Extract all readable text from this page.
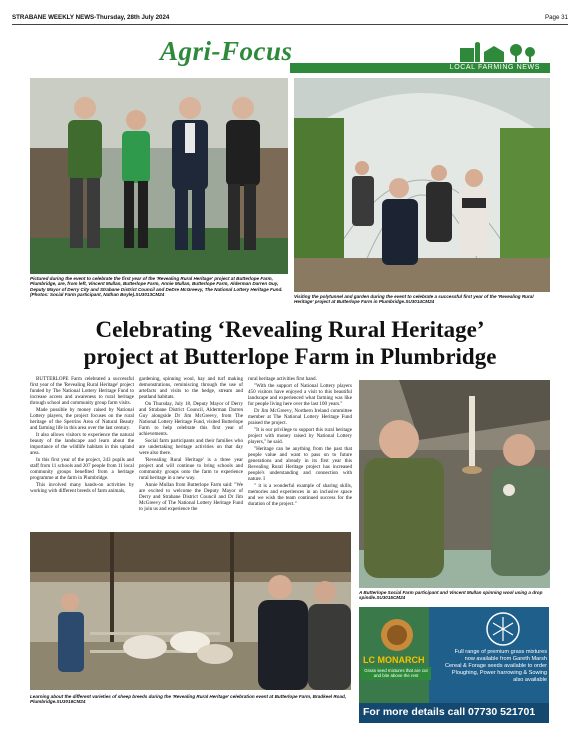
STRABANE WEEKLY NEWS-Thursday, 28th July 2024	Page 31
Agri-Focus
LOCAL FARMING NEWS
Pictured during the event to celebrate the first year of the 'Revealing Rural Heritage' project at Butterlope Farm, Plumbridge, are, from left, Vincent Mullan, Butterlope Farm, Annie Mullan, Butterlope Farm, Alderman Darren Guy, Deputy Mayor of Derry City and Strabane District Council and DeDre McGreevy, The National Lottery Heritage Fund. (Photos: Social Farm participant, Nathan Boyle).SU3013CM24	Visiting the polytunnel and garden during the event to celebrate a successful first year of the 'Revealing Rural Heritage' project at Butterlope Farm in Plumbridge.SU3014CM24
Celebrating ‘Revealing Rural Heritage’
project at Butterlope Farm in Plumbridge

BUTTERLOPE Farm celebrated a successful first year of the 'Revealing Rural Heritage' project funded by The National Lottery Heritage Fund to increase access and awareness to rural heritage through school and community group farm visits.

Made possible by money raised by National Lottery players, the project focuses on the rural heritage of the Sperrins Area of Natural Beauty and farming life in this area over the last century.

It also allows visitors to experience the natural beauty of the landscape and learn about the importance of the wildlife habitats in this upland area.

In this first year of the project, 243 pupils and staff from 11 schools and 207 people from 11 local community groups benefited from a heritage programme at the farm in Plumbridge.

This involved many hands-on activities by working with different breeds of farm animals,

gardening, spinning wool, hay and turf making demonstrations, reminiscing through the use of artefacts and visits to the hedge, stream and peatland habitats.

On Thursday, July 18, Deputy Mayor of Derry and Strabane District Council, Alderman Darren Guy alongside Dr Jim McGreevy, from The National Lottery Heritage Fund, visited Butterlope Farm to help celebrate this first year of achievements.

Social farm participants and their families who are undertaking heritage activities on that day were also there.

'Revealing Rural Heritage' is a three year project and will continue to bring schools and community groups onto the farm to experience rural heritage in a new way.

Annie Mullan from Butterlope Farm said: "We are excited to welcome the Deputy Mayor of Derry and Strabane District Council and Dr Jim McGreevy of The National Lottery Heritage Fund to join us and experience the

rural heritage activities first hand.

"With the support of National Lottery players 450 visitors have enjoyed a visit to this beautiful landscape and experienced what farming was like for people living here over the last 100 years."

Dr Jim McGreevy, Northern Ireland committee member at The National Lottery Heritage Fund praised the project.

"It is our privilege to support this rural heritage project with money raised by National Lottery players," he said.

"Heritage can be anything from the past that people value and want to pass on to future generations and already in its first year this Revealing Rural Heritage project has increased people's understanding and connection with nature. I

" it is a wonderful example of sharing skills, memories and experiences in an inclusive space and we wish the team continued success for the duration of the project."

A Butterlope Social Farm participant and Vincent Mullan spinning wool using a drop spindle.SU3015CM24
Learning about the different varieties of sheep breeds during the 'Revealing Rural Heritage' celebration event at Butterlope Farm, Bradkeel Road, Plumbridge.SU3016CM24
LC MONARCH
Grass seed mixtures that are cut and bite above the rest
Full range of premium grass mixtures
now available from Gareth Marsh
Cereal & Forage seeds available to order
Ploughing, Power harrowing & Sowing
also available
For more details call 07730 521701
